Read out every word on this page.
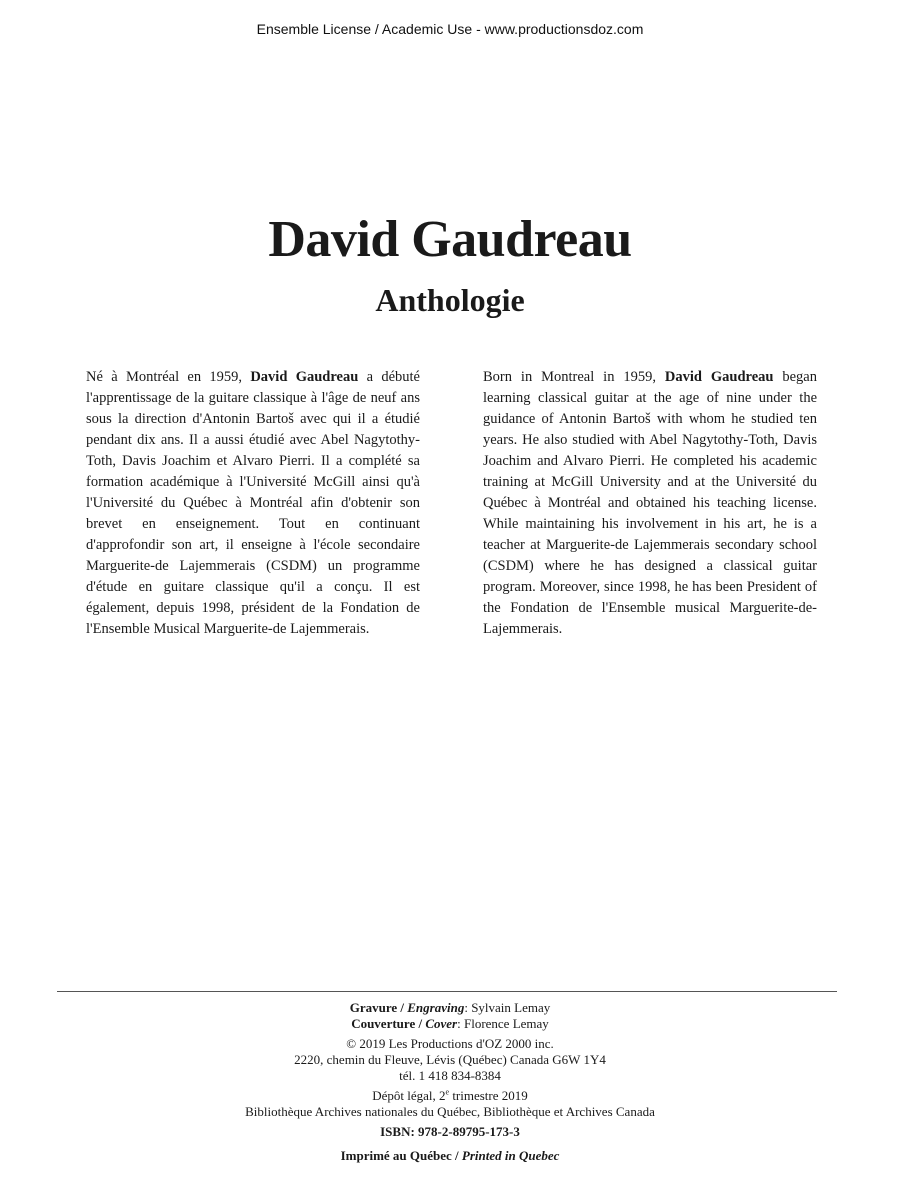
Ensemble License / Academic Use - www.productionsdoz.com
David Gaudreau
Anthologie

Né à Montréal en 1959, David Gaudreau a débuté l'apprentissage de la guitare classique à l'âge de neuf ans sous la direction d'Antonin Bartoš avec qui il a étudié pendant dix ans. Il a aussi étudié avec Abel Nagytothy-Toth, Davis Joachim et Alvaro Pierri. Il a complété sa formation académique à l'Université McGill ainsi qu'à l'Université du Québec à Montréal afin d'obtenir son brevet en enseignement. Tout en continuant d'approfondir son art, il enseigne à l'école secondaire Marguerite-de Lajemmerais (CSDM) un programme d'étude en guitare classique qu'il a conçu. Il est également, depuis 1998, président de la Fondation de l'Ensemble Musical Marguerite-de Lajemmerais.

Born in Montreal in 1959, David Gaudreau began learning classical guitar at the age of nine under the guidance of Antonin Bartoš with whom he studied ten years. He also studied with Abel Nagytothy-Toth, Davis Joachim and Alvaro Pierri. He completed his academic training at McGill University and at the Université du Québec à Montréal and obtained his teaching license. While maintaining his involvement in his art, he is a teacher at Marguerite-de Lajemmerais secondary school (CSDM) where he has designed a classical guitar program. Moreover, since 1998, he has been President of the Fondation de l'Ensemble musical Marguerite-de-Lajemmerais.

Gravure / Engraving: Sylvain Lemay

Couverture / Cover: Florence Lemay

© 2019 Les Productions d'OZ 2000 inc.

2220, chemin du Fleuve, Lévis (Québec) Canada G6W 1Y4

tél. 1 418 834-8384

Dépôt légal, 2e trimestre 2019

Bibliothèque Archives nationales du Québec, Bibliothèque et Archives Canada

ISBN: 978-2-89795-173-3

Imprimé au Québec / Printed in Quebec
